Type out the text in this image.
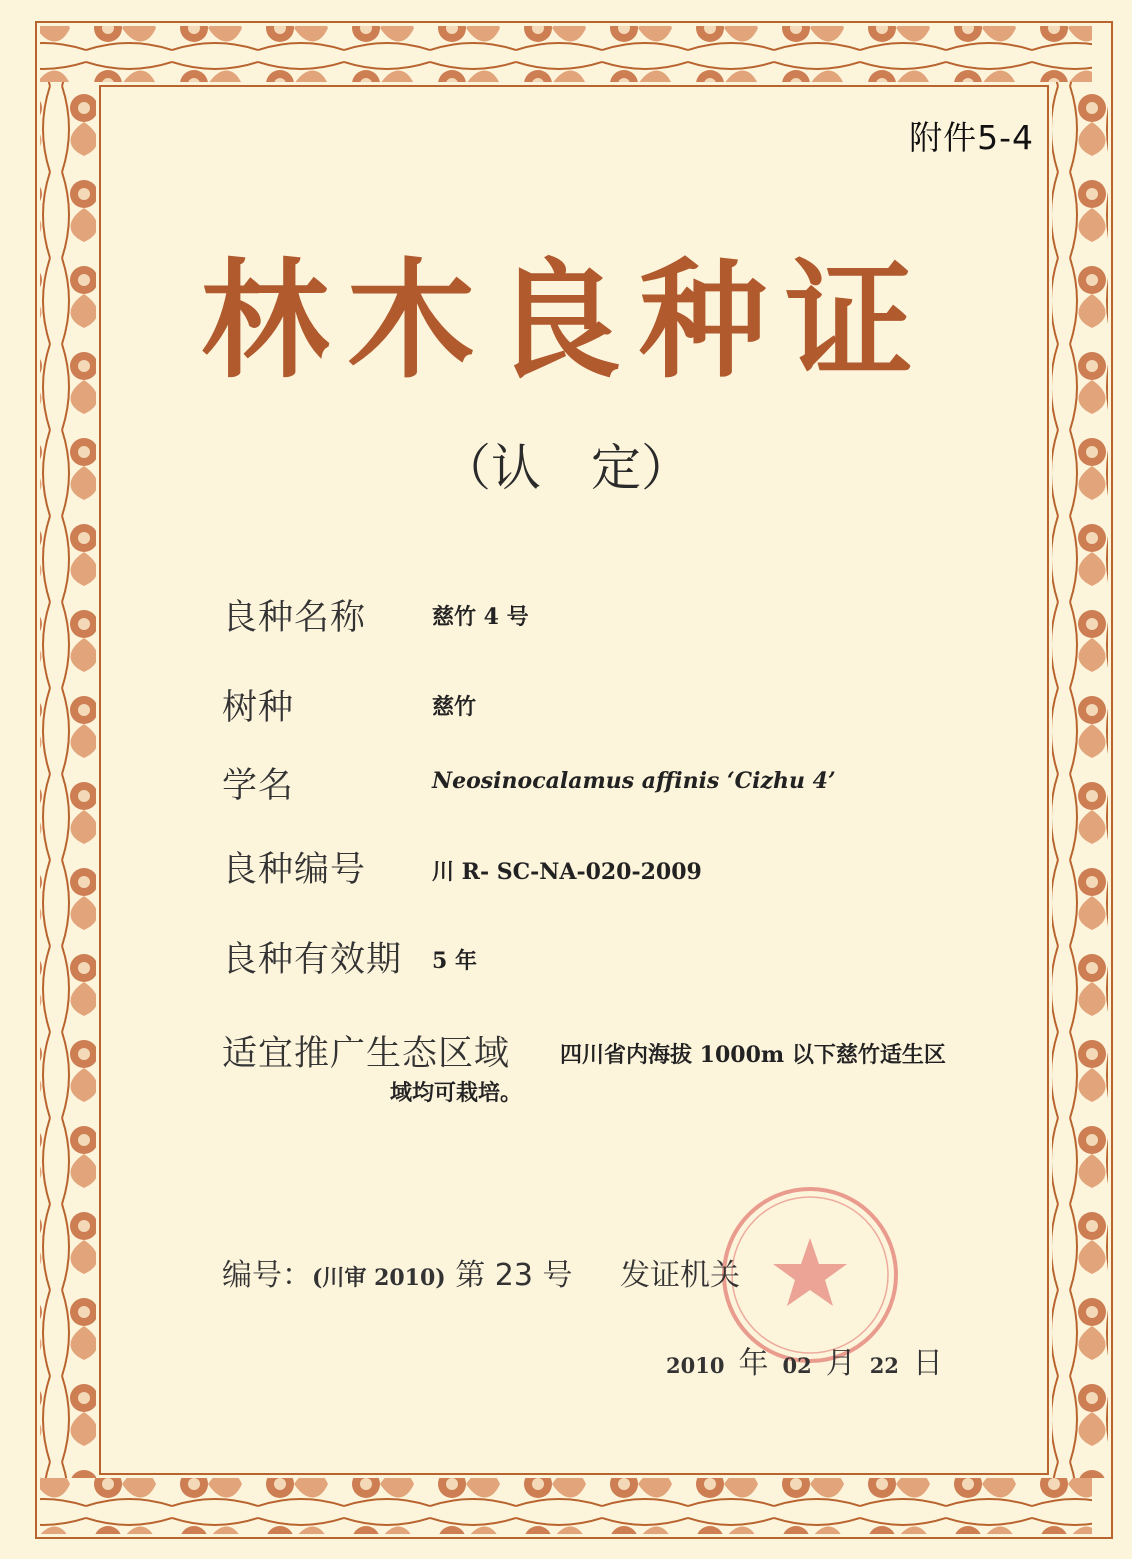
附件5-4
林木良种证
（认　定）
良种名称	慈竹 4 号
树种	慈竹
学名	Neosinocalamus affinis ‘Cizhu 4’
良种编号	川 R- SC-NA-020-2009
良种有效期 5 年
适宜推广生态区域 四川省内海拔 1000m 以下慈竹适生区
域均可栽培。
编号：(川审 2010) 第 23 号 发证机关
2010 年 02 月 22 日
